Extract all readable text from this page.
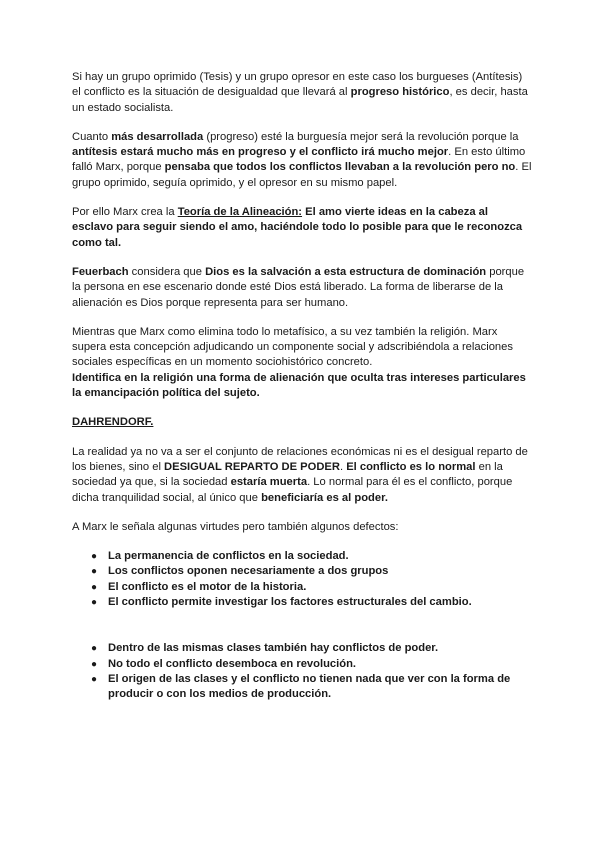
Si hay un grupo oprimido (Tesis) y un grupo opresor en este caso los burgueses (Antítesis) el conflicto es la situación de desigualdad que llevará al progreso histórico, es decir, hasta un estado socialista.

Cuanto más desarrollada (progreso) esté la burguesía mejor será la revolución porque la antítesis estará mucho más en progreso y el conflicto irá mucho mejor. En esto último falló Marx, porque pensaba que todos los conflictos llevaban a la revolución pero no. El grupo oprimido, seguía oprimido, y el opresor en su mismo papel.

Por ello Marx crea la Teoría de la Alineación: El amo vierte ideas en la cabeza al esclavo para seguir siendo el amo, haciéndole todo lo posible para que le reconozca como tal.

Feuerbach considera que Dios es la salvación a esta estructura de dominación porque la persona en ese escenario donde esté Dios está liberado. La forma de liberarse de la alienación es Dios porque representa para ser humano.

Mientras que Marx como elimina todo lo metafísico, a su vez también la religión. Marx supera esta concepción adjudicando un componente social y adscribiéndola a relaciones sociales específicas en un momento sociohistórico concreto.
Identifica en la religión una forma de alienación que oculta tras intereses particulares la emancipación política del sujeto.

DAHRENDORF.

La realidad ya no va a ser el conjunto de relaciones económicas ni es el desigual reparto de los bienes, sino el DESIGUAL REPARTO DE PODER. El conflicto es lo normal en la sociedad ya que, si la sociedad estaría muerta. Lo normal para él es el conflicto, porque dicha tranquilidad social, al único que beneficiaría es al poder.

A Marx le señala algunas virtudes pero también algunos defectos:

● La permanencia de conflictos en la sociedad.
● Los conflictos oponen necesariamente a dos grupos
● El conflicto es el motor de la historia.
● El conflicto permite investigar los factores estructurales del cambio.
● Dentro de las mismas clases también hay conflictos de poder.
● No todo el conflicto desemboca en revolución.
● El origen de las clases y el conflicto no tienen nada que ver con la forma de producir o con los medios de producción.
